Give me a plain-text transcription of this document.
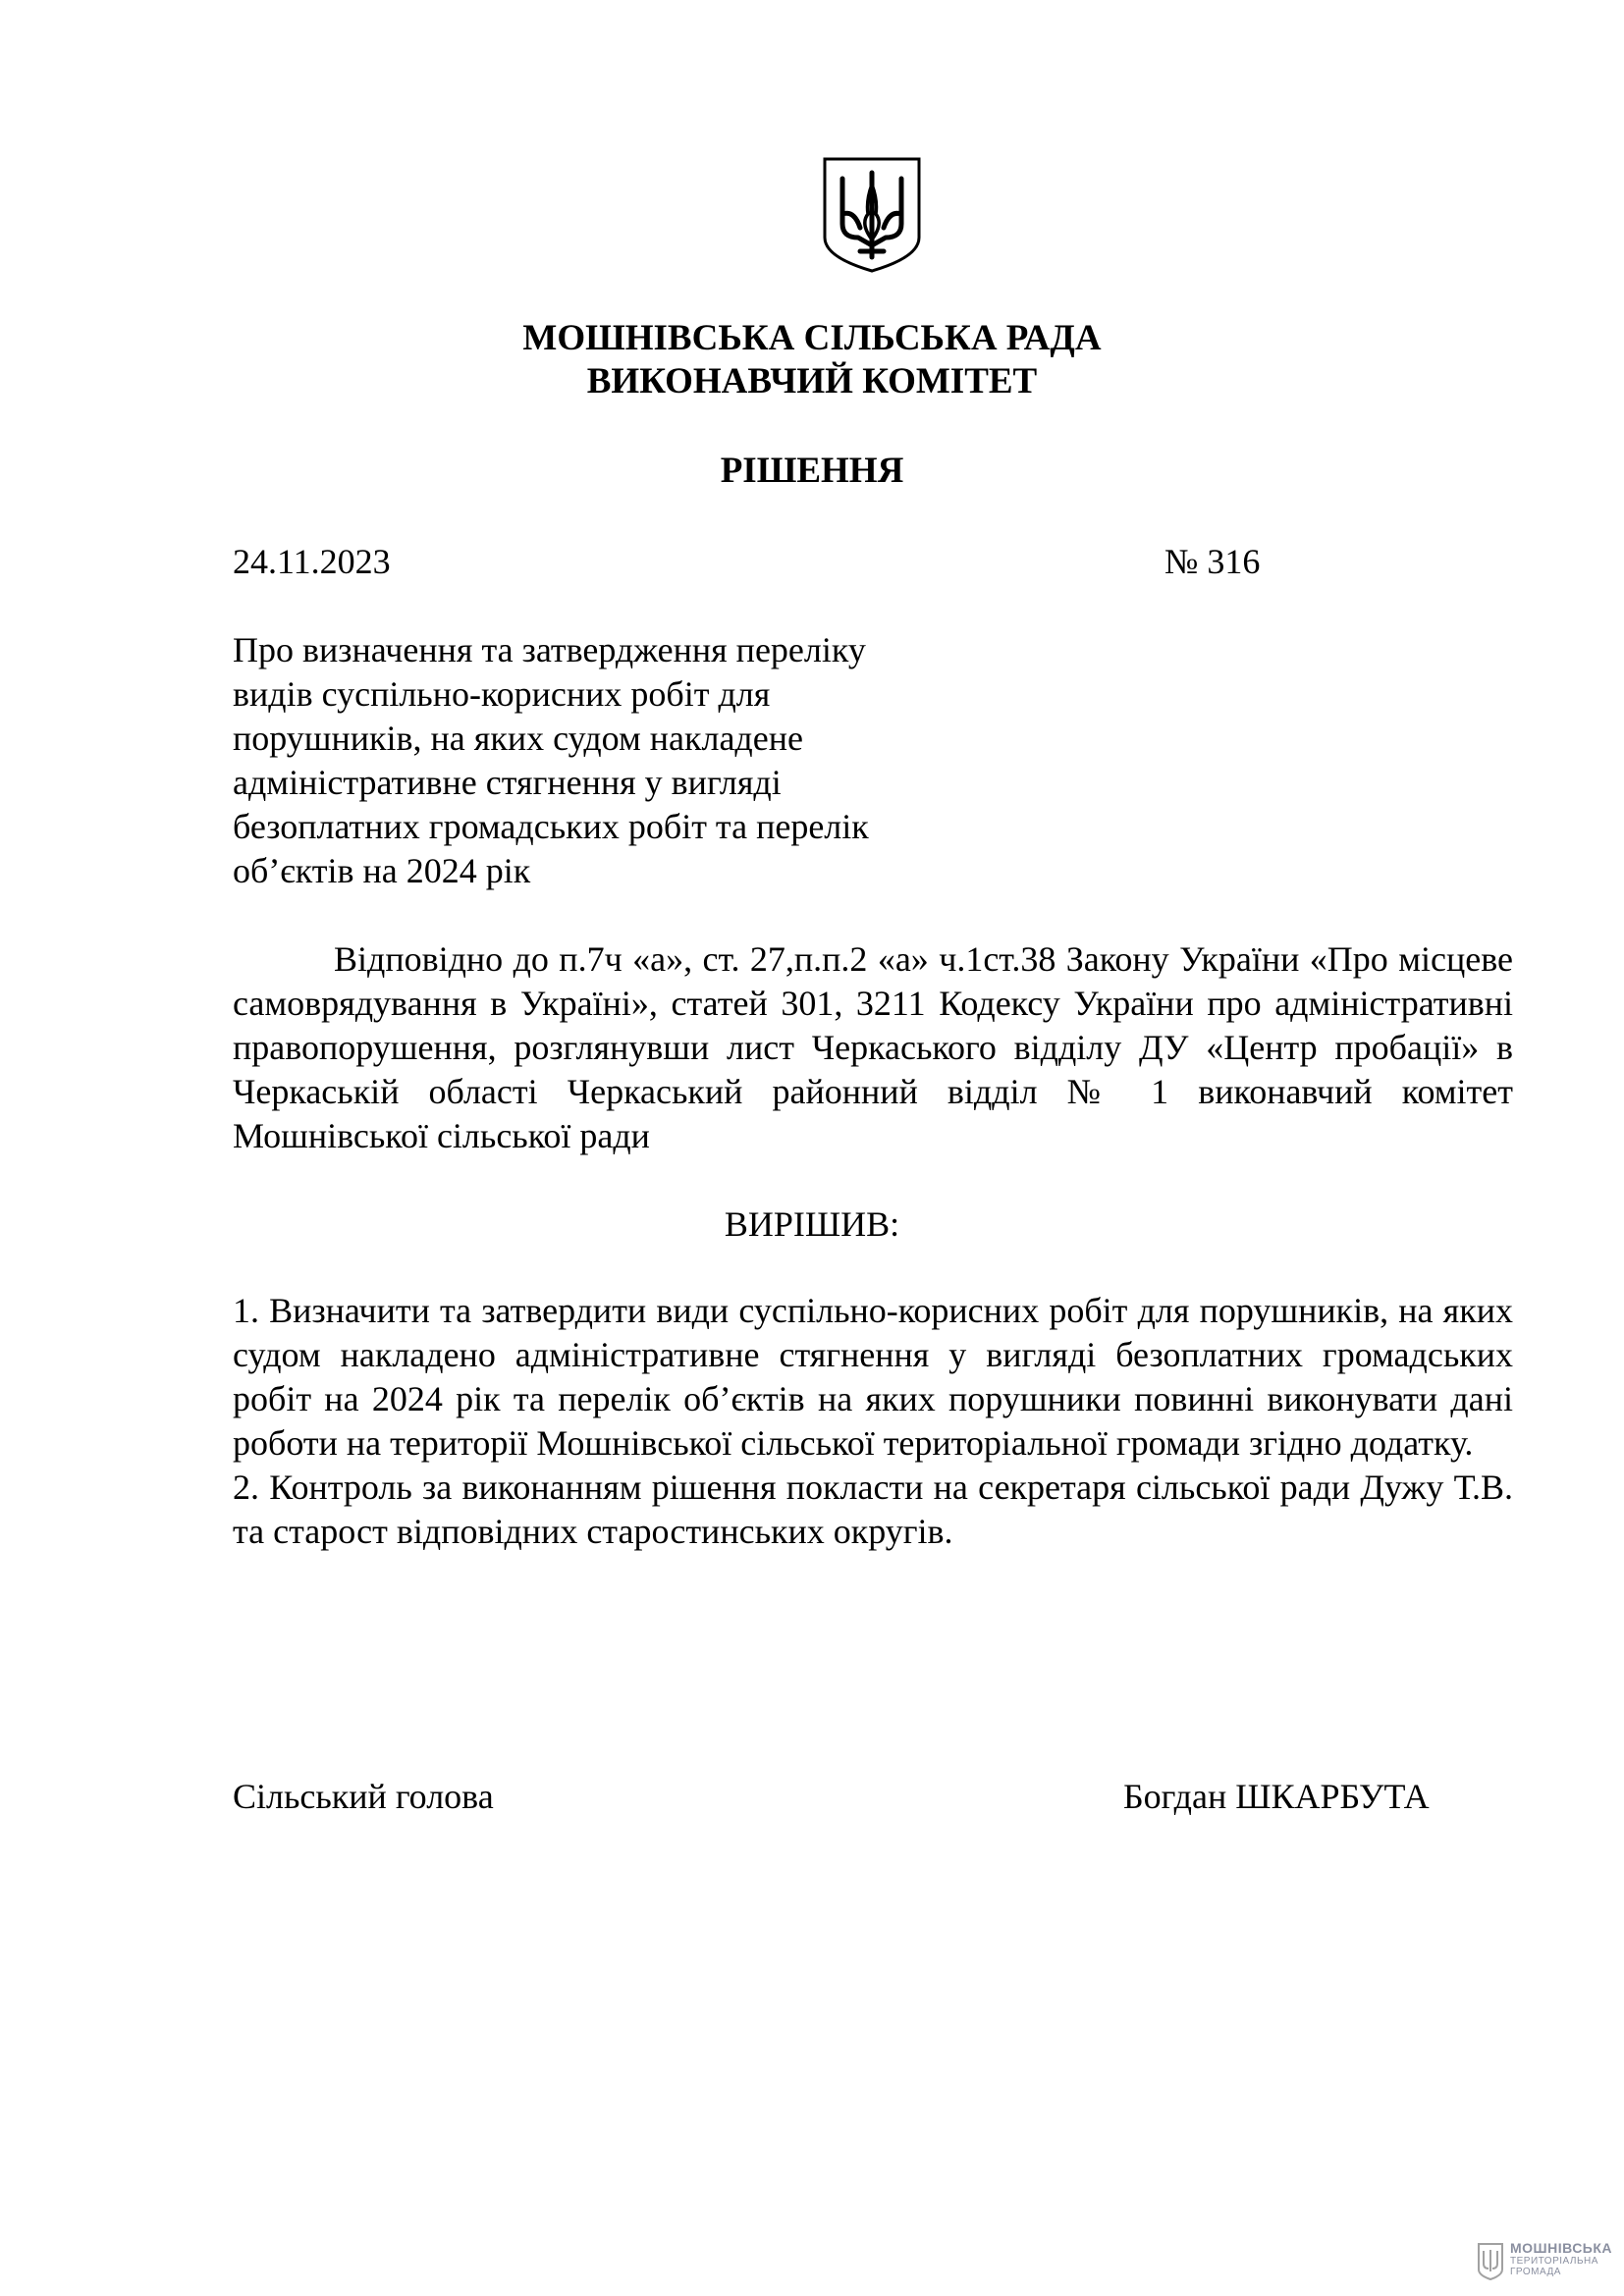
МОШНІВСЬКА СІЛЬСЬКА РАДА
ВИКОНАВЧИЙ КОМІТЕТ
РІШЕННЯ
24.11.2023	№ 316
Про визначення та затвердження переліку
видів суспільно-корисних робіт для
порушників, на яких судом накладене
адміністративне стягнення у вигляді
безоплатних громадських робіт та перелік
об’єктів на 2024 рік

Відповідно до п.7ч «а», ст. 27,п.п.2 «а» ч.1ст.38 Закону України «Про місцеве самоврядування в Україні», статей 301, 3211 Кодексу України про адміністративні правопорушення, розглянувши лист Черкаського відділу ДУ «Центр пробації» в Черкаській області Черкаський районний відділ № 1 виконавчий комітет Мошнівської сільської ради

ВИРІШИВ:

1. Визначити та затвердити види суспільно-корисних робіт для порушників, на яких судом накладено адміністративне стягнення у вигляді безоплатних громадських робіт на 2024 рік та перелік об’єктів на яких порушники повинні виконувати дані роботи на території Мошнівської сільської територіальної громади згідно додатку.

2. Контроль за виконанням рішення покласти на секретаря сільської ради Дужу Т.В. та старост відповідних старостинських округів.

Сільський голова	Богдан ШКАРБУТА
МОШНІВСЬКА
ТЕРИТОРІАЛЬНА
ГРОМАДА
